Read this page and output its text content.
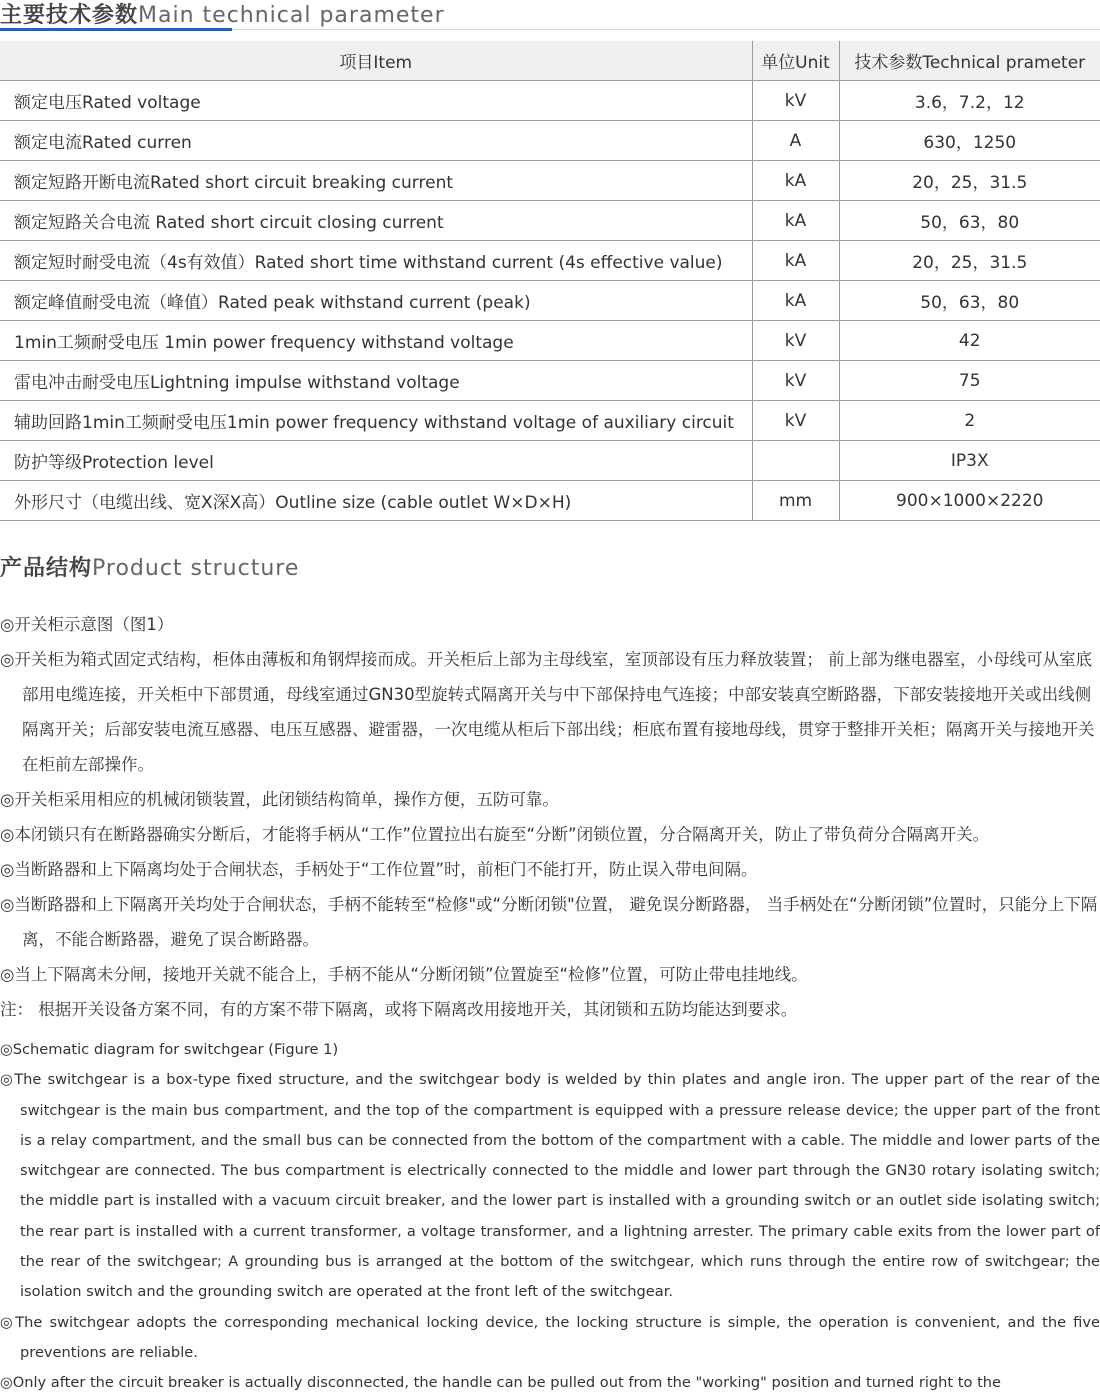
主要技术参数Main technical parameter
项目Item	单位Unit	技术参数Technical prameter
额定电压Rated voltage	kV	3.6，7.2，12
额定电流Rated curren	A	630，1250
额定短路开断电流Rated short circuit breaking current	kA	20，25，31.5
额定短路关合电流 Rated short circuit closing current	kA	50，63，80
额定短时耐受电流（4s有效值）Rated short time withstand current (4s effective value)	kA	20，25，31.5
额定峰值耐受电流（峰值）Rated peak withstand current (peak)	kA	50，63，80
1min工频耐受电压 1min power frequency withstand voltage	kV	42
雷电冲击耐受电压Lightning impulse withstand voltage	kV	75
辅助回路1min工频耐受电压1min power frequency withstand voltage of auxiliary circuit	kV	2
防护等级Protection level		IP3X
外形尺寸（电缆出线、宽X深X高）Outline size (cable outlet W×D×H)	mm	900×1000×2220
产品结构Product structure

◎开关柜示意图（图1）

◎开关柜为箱式固定式结构，柜体由薄板和角钢焊接而成。开关柜后上部为主母线室，室顶部设有压力释放装置； 前上部为继电器室，小母线可从室底部用电缆连接，开关柜中下部贯通，母线室通过GN30型旋转式隔离开关与中下部保持电气连接；中部安装真空断路器，下部安装接地开关或出线侧隔离开关；后部安装电流互感器、电压互感器、避雷器，一次电缆从柜后下部出线；柜底布置有接地母线，贯穿于整排开关柜；隔离开关与接地开关在柜前左部操作。

◎开关柜采用相应的机械闭锁装置，此闭锁结构简单，操作方便，五防可靠。

◎本闭锁只有在断路器确实分断后，才能将手柄从“工作”位置拉出右旋至“分断”闭锁位置，分合隔离开关，防止了带负荷分合隔离开关。

◎当断路器和上下隔离均处于合闸状态，手柄处于“工作位置”时，前柜门不能打开，防止误入带电间隔。

◎当断路器和上下隔离开关均处于合闸状态，手柄不能转至“检修"或“分断闭锁"位置， 避免误分断路器， 当手柄处在“分断闭锁”位置时，只能分上下隔离，不能合断路器，避免了误合断路器。

◎当上下隔离未分闸，接地开关就不能合上，手柄不能从“分断闭锁”位置旋至“检修”位置，可防止带电挂地线。

注： 根据开关设备方案不同，有的方案不带下隔离，或将下隔离改用接地开关，其闭锁和五防均能达到要求。

◎Schematic diagram for switchgear (Figure 1)

◎The switchgear is a box-type fixed structure, and the switchgear body is welded by thin plates and angle iron. The upper part of the rear of the switchgear is the main bus compartment, and the top of the compartment is equipped with a pressure release device; the upper part of the front is a relay compartment, and the small bus can be connected from the bottom of the compartment with a cable. The middle and lower parts of the switchgear are connected. The bus compartment is electrically connected to the middle and lower part through the GN30 rotary isolating switch; the middle part is installed with a vacuum circuit breaker, and the lower part is installed with a grounding switch or an outlet side isolating switch; the rear part is installed with a current transformer, a voltage transformer, and a lightning arrester. The primary cable exits from the lower part of the rear of the switchgear; A grounding bus is arranged at the bottom of the switchgear, which runs through the entire row of switchgear; the isolation switch and the grounding switch are operated at the front left of the switchgear.

◎The switchgear adopts the corresponding mechanical locking device, the locking structure is simple, the operation is convenient, and the five preventions are reliable.

◎Only after the circuit breaker is actually disconnected, the handle can be pulled out from the "working" position and turned right to the
